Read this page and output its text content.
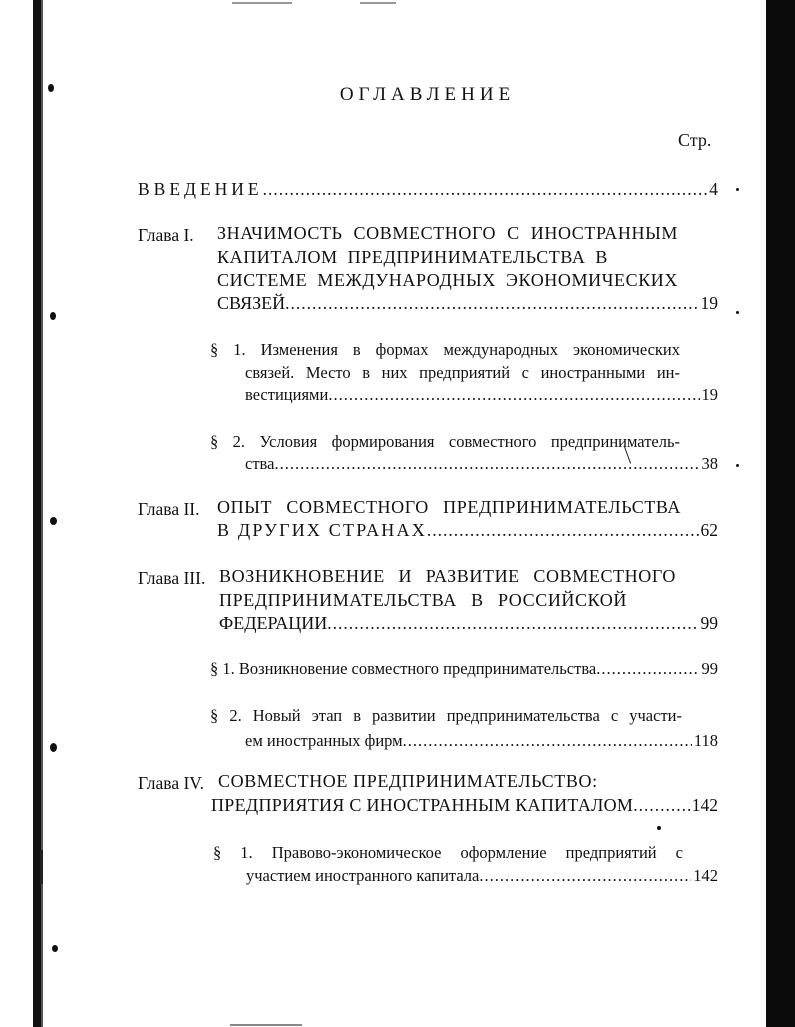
ОГЛАВЛЕНИЕ
Стр.
ВВЕДЕНИЕ .....	4
Глава I. ЗНАЧИМОСТЬ СОВМЕСТНОГО С ИНОСТРАННЫМ
КАПИТАЛОМ ПРЕДПРИНИМАТЕЛЬСТВА В
СИСТЕМЕ МЕЖДУНАРОДНЫХ ЭКОНОМИЧЕСКИХ
СВЯЗЕЙ .....	19
§ 1. Изменения в формах международных экономических
связей. Место в них предприятий с иностранными ин-
вестициями .....	19
§ 2. Условия формирования совместного предприниматель-
ства .....	38
Глава II. ОПЫТ СОВМЕСТНОГО ПРЕДПРИНИМАТЕЛЬСТВА
В ДРУГИХ СТРАНАХ .....	62
Глава III. ВОЗНИКНОВЕНИЕ И РАЗВИТИЕ СОВМЕСТНОГО
ПРЕДПРИНИМАТЕЛЬСТВА В РОССИЙСКОЙ
ФЕДЕРАЦИИ .....	99
§ 1. Возникновение совместного предпринимательства .....	99
§ 2. Новый этап в развитии предпринимательства с участи-
ем иностранных фирм .....	118
Глава IV. СОВМЕСТНОЕ ПРЕДПРИНИМАТЕЛЬСТВО:
ПРЕДПРИЯТИЯ С ИНОСТРАННЫМ КАПИТАЛОМ .....	142
§ 1. Правово-экономическое оформление предприятий с
участием иностранного капитала .....	142
